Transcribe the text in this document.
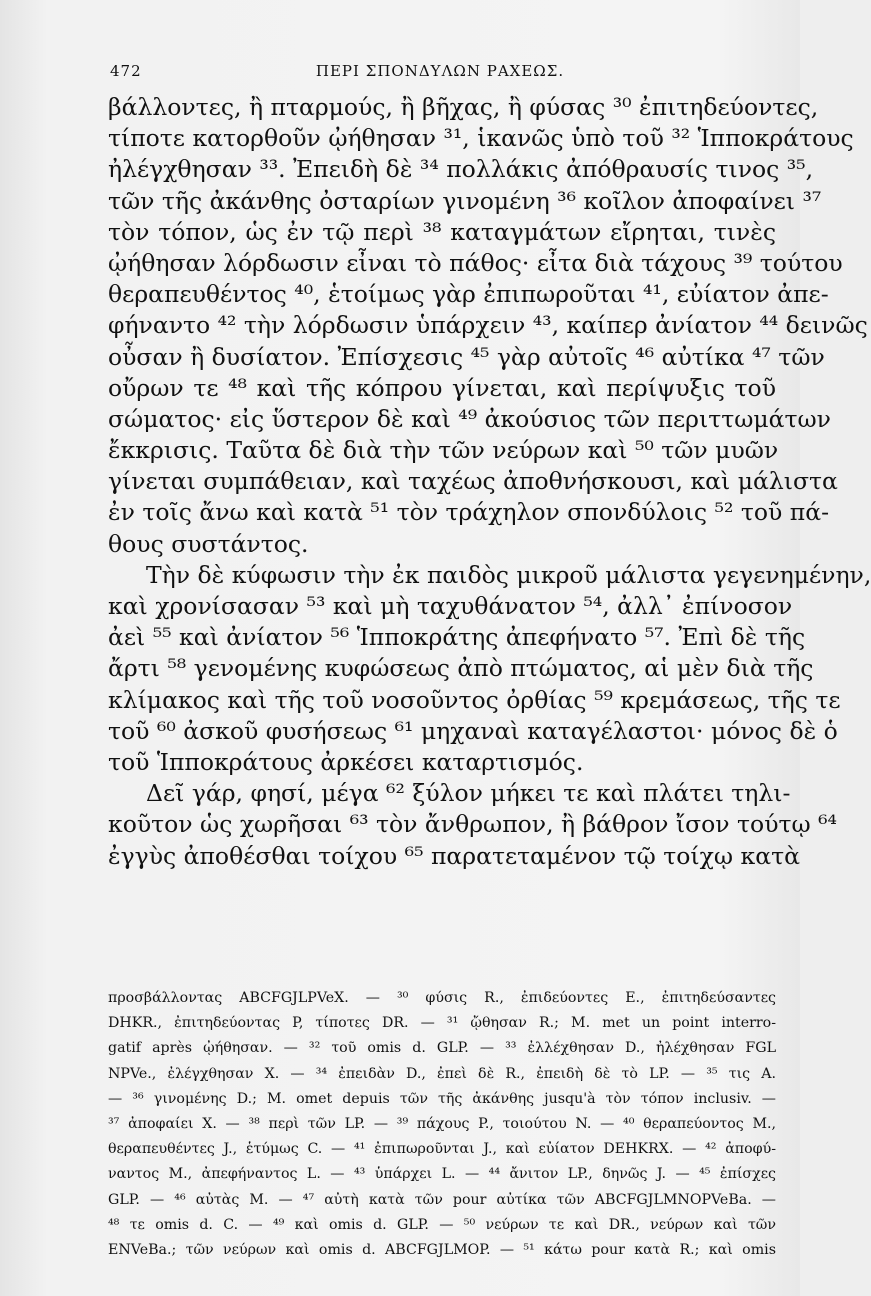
472	ΠΕΡΙ ΣΠΟΝΔΥΛΩΝ ΡΑΧΕΩΣ.
βάλλοντες, ἢ πταρμούς, ἢ βῆχας, ἢ φύσας ³⁰ ἐπιτηδεύοντες,
τίποτε κατορθοῦν ᾠήθησαν ³¹, ἱκανῶς ὑπὸ τοῦ ³² Ἱπποκράτους
ἠλέγχθησαν ³³. Ἐπειδὴ δὲ ³⁴ πολλάκις ἀπόθραυσίς τινος ³⁵,
τῶν τῆς ἀκάνθης ὀσταρίων γινομένη ³⁶ κοῖλον ἀποφαίνει ³⁷
τὸν τόπον, ὡς ἐν τῷ περὶ ³⁸ καταγμάτων εἴρηται, τινὲς
ᾠήθησαν λόρδωσιν εἶναι τὸ πάθος· εἶτα διὰ τάχους ³⁹ τούτου
θεραπευθέντος ⁴⁰, ἑτοίμως γὰρ ἐπιπωροῦται ⁴¹, εὐίατον ἀπε-
φήναντο ⁴² τὴν λόρδωσιν ὑπάρχειν ⁴³, καίπερ ἀνίατον ⁴⁴ δεινῶς
οὖσαν ἢ δυσίατον. Ἐπίσχεσις ⁴⁵ γὰρ αὐτοῖς ⁴⁶ αὐτίκα ⁴⁷ τῶν
οὔρων τε ⁴⁸ καὶ τῆς κόπρου γίνεται, καὶ περίψυξις τοῦ
σώματος· εἰς ὕστερον δὲ καὶ ⁴⁹ ἀκούσιος τῶν περιττωμάτων
ἔκκρισις. Ταῦτα δὲ διὰ τὴν τῶν νεύρων καὶ ⁵⁰ τῶν μυῶν
γίνεται συμπάθειαν, καὶ ταχέως ἀποθνήσκουσι, καὶ μάλιστα
ἐν τοῖς ἄνω καὶ κατὰ ⁵¹ τὸν τράχηλον σπονδύλοις ⁵² τοῦ πά-
θους συστάντος.
Τὴν δὲ κύφωσιν τὴν ἐκ παιδὸς μικροῦ μάλιστα γεγενημένην,
καὶ χρονίσασαν ⁵³ καὶ μὴ ταχυθάνατον ⁵⁴, ἀλλ᾽ ἐπίνοσον
ἀεὶ ⁵⁵ καὶ ἀνίατον ⁵⁶ Ἱπποκράτης ἀπεφήνατο ⁵⁷. Ἐπὶ δὲ τῆς
ἄρτι ⁵⁸ γενομένης κυφώσεως ἀπὸ πτώματος, αἱ μὲν διὰ τῆς
κλίμακος καὶ τῆς τοῦ νοσοῦντος ὀρθίας ⁵⁹ κρεμάσεως, τῆς τε
τοῦ ⁶⁰ ἀσκοῦ φυσήσεως ⁶¹ μηχαναὶ καταγέλαστοι· μόνος δὲ ὁ
τοῦ Ἱπποκράτους ἀρκέσει καταρτισμός.
Δεῖ γάρ, φησί, μέγα ⁶² ξύλον μήκει τε καὶ πλάτει τηλι-
κοῦτον ὡς χωρῆσαι ⁶³ τὸν ἄνθρωπον, ἢ βάθρον ἴσον τούτῳ ⁶⁴
ἐγγὺς ἀποθέσθαι τοίχου ⁶⁵ παρατεταμένον τῷ τοίχῳ κατὰ
προσβάλλοντας ABCFGJLPVeX. — ³⁰ φύσις R., ἐπιδεύοντες E., ἐπιτηδεύσαντες
DHKR., ἐπιτηδεύοντας P, τίποτες DR. — ³¹ ᾤθησαν R.; M. met un point interro-
gatif après ᾠήθησαν. — ³² τοῦ omis d. GLP. — ³³ ἐλλέχθησαν D., ἠλέχθησαν FGL
NPVe., ἐλέγχθησαν X. — ³⁴ ἐπειδὰν D., ἐπεὶ δὲ R., ἐπειδὴ δὲ τὸ LP. — ³⁵ τις A.
— ³⁶ γινομένης D.; M. omet depuis τῶν τῆς ἀκάνθης jusqu'à τὸν τόπον inclusiv. —
³⁷ ἀποφαίει X. — ³⁸ περὶ τῶν LP. — ³⁹ πάχους P., τοιούτου N. — ⁴⁰ θεραπεύοντος M.,
θεραπευθέντες J., ἑτύμως C. — ⁴¹ ἐπιπωροῦνται J., καὶ εὐίατον DEHKRX. — ⁴² ἀποφύ-
ναντος M., ἀπεφήναντος L. — ⁴³ ὑπάρχει L. — ⁴⁴ ἄνιτον LP., δηνῶς J. — ⁴⁵ ἐπίσχες
GLP. — ⁴⁶ αὐτὰς M. — ⁴⁷ αὐτὴ κατὰ τῶν pour αὐτίκα τῶν ABCFGJLMNOPVeBa. —
⁴⁸ τε omis d. C. — ⁴⁹ καὶ omis d. GLP. — ⁵⁰ νεύρων τε καὶ DR., νεύρων καὶ τῶν
ENVeBa.; τῶν νεύρων καὶ omis d. ABCFGJLMOP. — ⁵¹ κάτω pour κατὰ R.; καὶ omis
